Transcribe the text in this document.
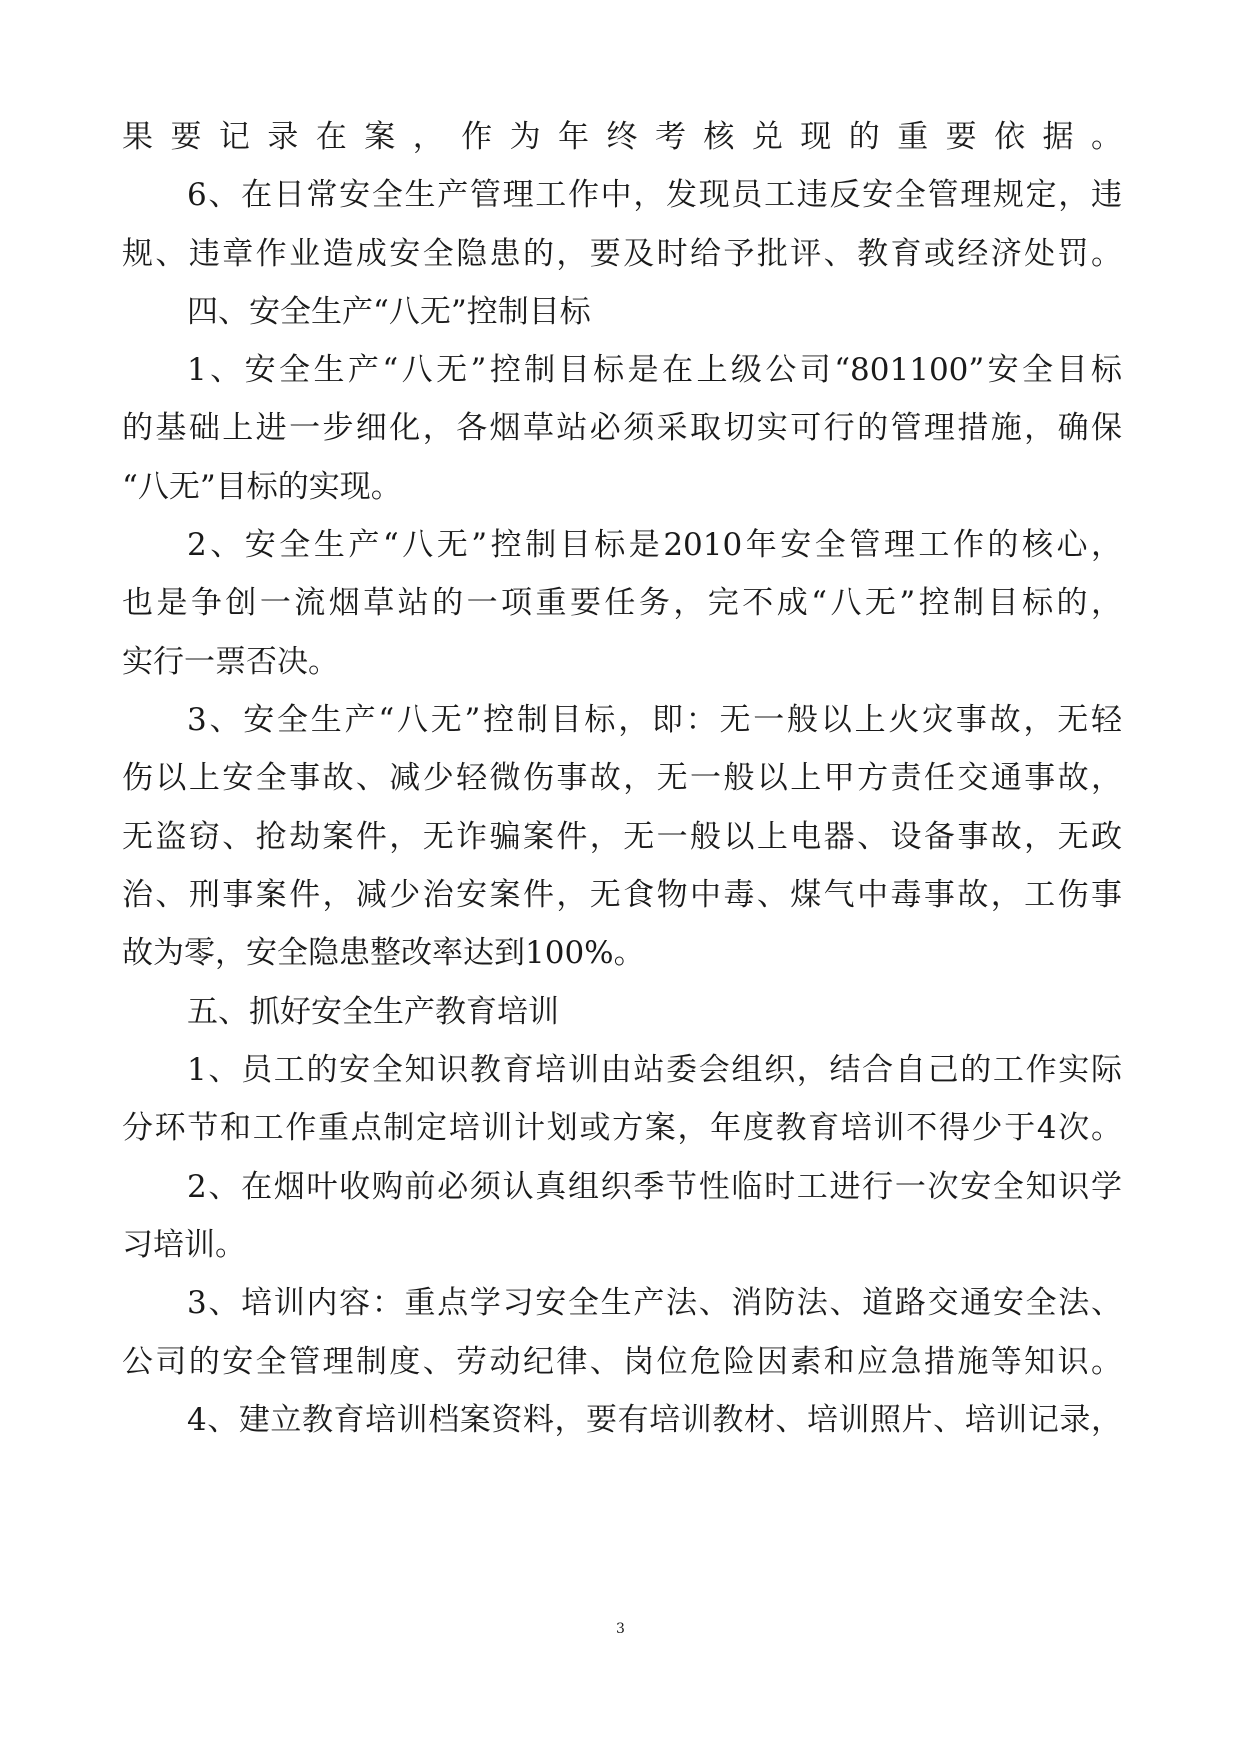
果要记录在案，作为年终考核兑现的重要依据。
6、在日常安全生产管理工作中，发现员工违反安全管理规定，违
规、违章作业造成安全隐患的，要及时给予批评、教育或经济处罚。
四、安全生产“八无”控制目标
1、安全生产“八无”控制目标是在上级公司“801100”安全目标
的基础上进一步细化，各烟草站必须采取切实可行的管理措施，确保
“八无”目标的实现。
2、安全生产“八无”控制目标是2010年安全管理工作的核心，
也是争创一流烟草站的一项重要任务，完不成“八无”控制目标的，
实行一票否决。
3、安全生产“八无”控制目标，即：无一般以上火灾事故，无轻
伤以上安全事故、减少轻微伤事故，无一般以上甲方责任交通事故，
无盗窃、抢劫案件，无诈骗案件，无一般以上电器、设备事故，无政
治、刑事案件，减少治安案件，无食物中毒、煤气中毒事故，工伤事
故为零，安全隐患整改率达到100%。
五、抓好安全生产教育培训
1、员工的安全知识教育培训由站委会组织，结合自己的工作实际
分环节和工作重点制定培训计划或方案，年度教育培训不得少于4次。
2、在烟叶收购前必须认真组织季节性临时工进行一次安全知识学
习培训。
3、培训内容：重点学习安全生产法、消防法、道路交通安全法、
公司的安全管理制度、劳动纪律、岗位危险因素和应急措施等知识。
4、建立教育培训档案资料，要有培训教材、培训照片、培训记录，
3
